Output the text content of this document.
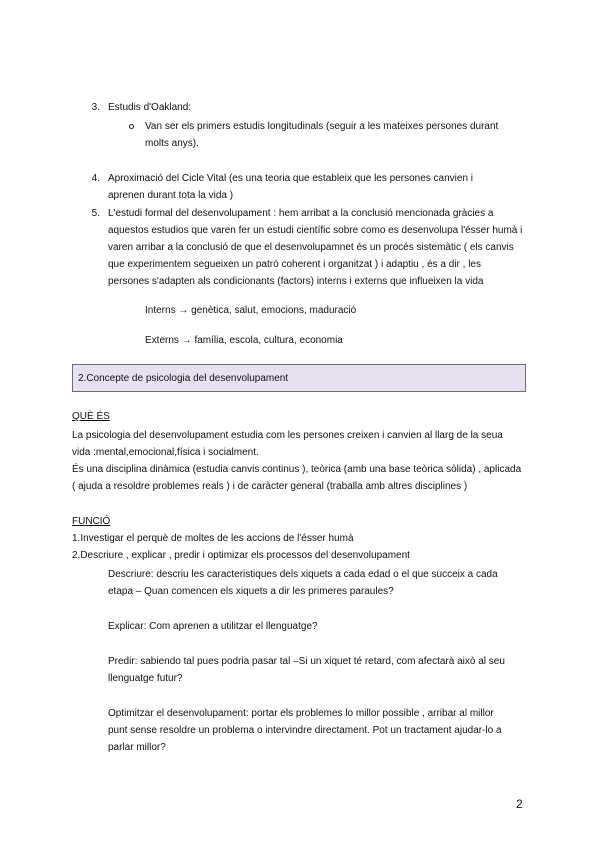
3. Estudis d'Oakland:
Van ser els primers estudis longitudinals (seguir a les mateixes persones durant
molts anys).
4. Aproximació del Cicle Vital (es una teoria que estableix que les persones canvien i
aprenen durant tota la vida )
5. L'estudi formal del desenvolupament : hem arribat a la conclusió mencionada gràcies a
aquestos estudios que varen fer un estudi científic sobre como es desenvolupa l'ésser humà i
varen arribar a la conclusió de que el desenvolupamnet és un procés sistemàtic ( els canvis
que experimentem segueixen un patró coherent i organitzat ) i adaptiu , és a dir , les
persones s'adapten als condicionants (factors) interns i externs que influeixen la vida
Interns → genètica, salut, emocions, maduració
Externs → família, escola, cultura, economia
2.Concepte de psicologia del desenvolupament
QUÈ ÉS
La psicologia del desenvolupament estudia com les persones creixen i canvien al llarg de la seua
vida :mental,emocional,física i socialment.
És una disciplina dinàmica (estudia canvis continus ), teòrica (amb una base teòrica sòlida) , aplicada
( ajuda a resoldre problemes reals ) i de caràcter general (traballa amb altres disciplines )
FUNCIÓ
1.Investigar el perquè de moltes de les accions de l'ésser humà
2.Descriure , explicar , predir i optimizar els processos del desenvolupament
Descriure: descriu les caracteristiques dels xiquets a cada edad o el que succeix a cada
etapa – Quan comencen els xiquets a dir les primeres paraules?
Explicar: Com aprenen a utilitzar el llenguatge?
Predir: sabiendo tal pues podria pasar tal –Si un xiquet té retard, com afectarà això al seu
llenguatge futur?
Optimitzar el desenvolupament: portar els problemes lo millor possible , arribar al millor
punt sense resoldre un problema o intervindre directament. Pot un tractament ajudar-lo a
parlar millor?
2
